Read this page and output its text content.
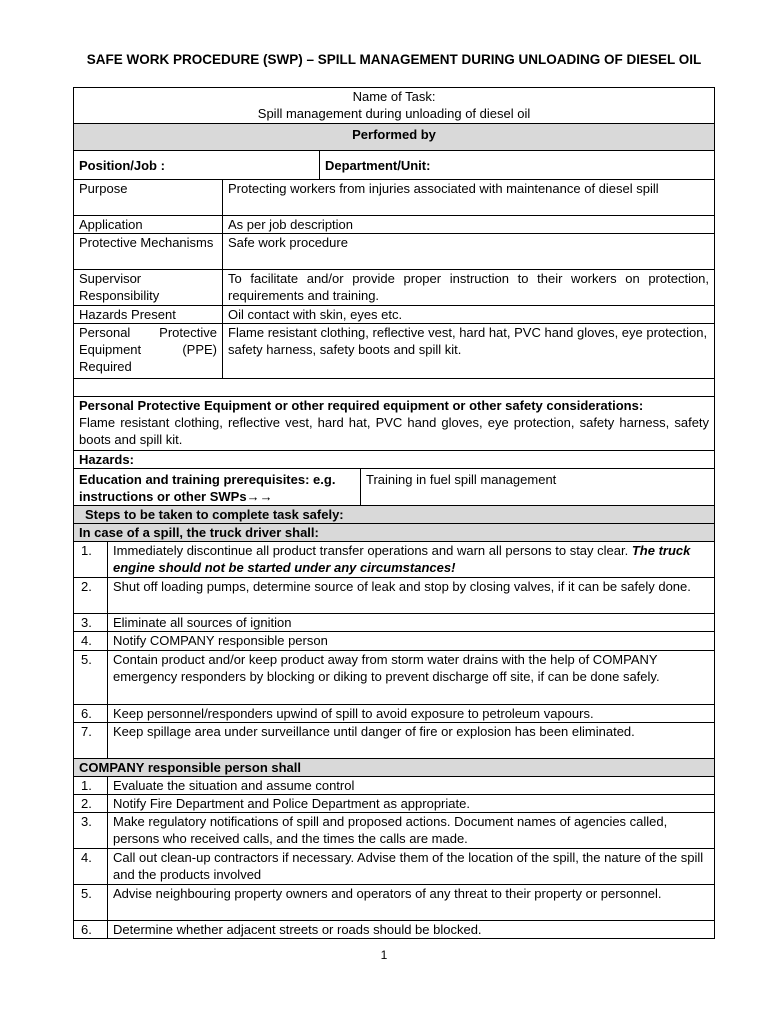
SAFE WORK PROCEDURE (SWP) – SPILL MANAGEMENT DURING UNLOADING OF DIESEL OIL
Name of Task:
Spill management during unloading of diesel oil				

Performed by				
Position/Job :			Department/Unit:	
Purpose		Protecting workers from injuries associated with maintenance of diesel spill		
Application		As per job description		
Protective Mechanisms		Safe work procedure		
Supervisor Responsibility		To facilitate and/or provide proper instruction to their workers on protection, requirements and training.		
Hazards Present		Oil contact with skin, eyes etc.		
Personal Protective Equipment (PPE) Required		Flame resistant clothing, reflective vest, hard hat, PVC hand gloves, eye protection, safety harness, safety boots and spill kit.		

Personal Protective Equipment or other required equipment or other safety considerations:
Flame resistant clothing, reflective vest, hard hat, PVC hand gloves, eye protection, safety harness, safety boots and spill kit.				

Hazards:				
Education and training prerequisites: e.g. instructions or other SWPs→→				Training in fuel spill management
Steps to be taken to complete task safely:				
In case of a spill, the truck driver shall:				
1.	Immediately discontinue all product transfer operations and warn all persons to stay clear. The truck engine should not be started under any circumstances!			
2.	Shut off loading pumps, determine source of leak and stop by closing valves, if it can be safely done.			
3.	Eliminate all sources of ignition			
4.	Notify COMPANY responsible person			
5.	Contain product and/or keep product away from storm water drains with the help of COMPANY emergency responders by blocking or diking to prevent discharge off site, if can be done safely.			
6.	Keep personnel/responders upwind of spill to avoid exposure to petroleum vapours.			
7.	Keep spillage area under surveillance until danger of fire or explosion has been eliminated.			
COMPANY responsible person shall				
1.	Evaluate the situation and assume control			
2.	Notify Fire Department and Police Department as appropriate.			
3.	Make regulatory notifications of spill and proposed actions. Document names of agencies called, persons who received calls, and the times the calls are made.			
4.	Call out clean-up contractors if necessary. Advise them of the location of the spill, the nature of the spill and the products involved			
5.	Advise neighbouring property owners and operators of any threat to their property or personnel.			
6.	Determine whether adjacent streets or roads should be blocked.			
1
